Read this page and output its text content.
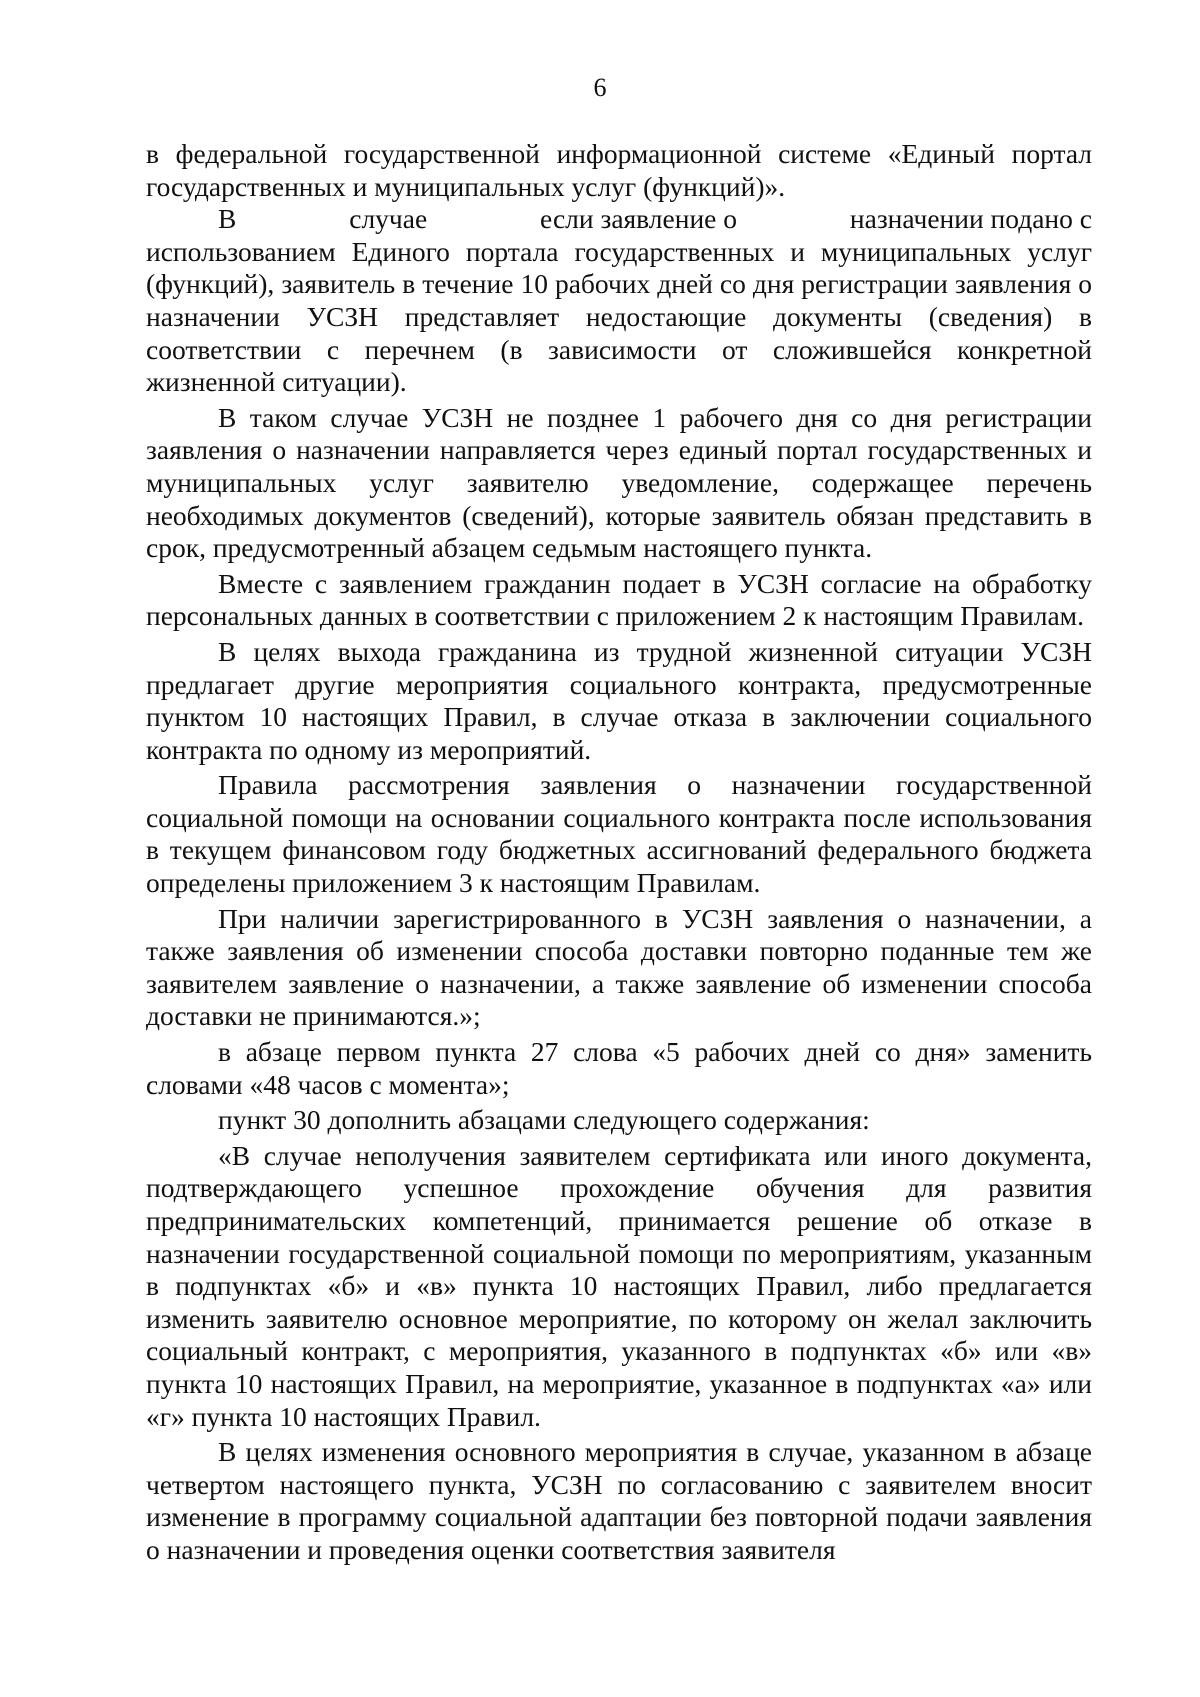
6

в федеральной государственной информационной системе «Единый портал государственных и муниципальных услуг (функций)».

В	случае	если заявление о	назначении подано с

использованием Единого портала государственных и муниципальных услуг (функций), заявитель в течение 10 рабочих дней со дня регистрации заявления о назначении УСЗН представляет недостающие документы (сведения) в соответствии с перечнем (в зависимости от сложившейся конкретной жизненной ситуации).

В таком случае УСЗН не позднее 1 рабочего дня со дня регистрации заявления о назначении направляется через единый портал государственных и муниципальных услуг заявителю уведомление, содержащее перечень необходимых документов (сведений), которые заявитель обязан представить в срок, предусмотренный абзацем седьмым настоящего пункта.

Вместе с заявлением гражданин подает в УСЗН согласие на обработку персональных данных в соответствии с приложением 2 к настоящим Правилам.

В целях выхода гражданина из трудной жизненной ситуации УСЗН предлагает другие мероприятия социального контракта, предусмотренные пунктом 10 настоящих Правил, в случае отказа в заключении социального контракта по одному из мероприятий.

Правила рассмотрения заявления о назначении государственной социальной помощи на основании социального контракта после использования в текущем финансовом году бюджетных ассигнований федерального бюджета определены приложением 3 к настоящим Правилам.

При наличии зарегистрированного в УСЗН заявления о назначении, а также заявления об изменении способа доставки повторно поданные тем же заявителем заявление о назначении, а также заявление об изменении способа доставки не принимаются.»;

в абзаце первом пункта 27 слова «5 рабочих дней со дня» заменить словами «48 часов с момента»;

пункт 30 дополнить абзацами следующего содержания:

«В случае неполучения заявителем сертификата или иного документа, подтверждающего успешное прохождение обучения для развития предпринимательских компетенций, принимается решение об отказе в назначении государственной социальной помощи по мероприятиям, указанным в подпунктах «б» и «в» пункта 10 настоящих Правил, либо предлагается изменить заявителю основное мероприятие, по которому он желал заключить социальный контракт, с мероприятия, указанного в подпунктах «б» или «в» пункта 10 настоящих Правил, на мероприятие, указанное в подпунктах «а» или «г» пункта 10 настоящих Правил.

В целях изменения основного мероприятия в случае, указанном в абзаце четвертом настоящего пункта, УСЗН по согласованию с заявителем вносит изменение в программу социальной адаптации без повторной подачи заявления о назначении и проведения оценки соответствия заявителя
